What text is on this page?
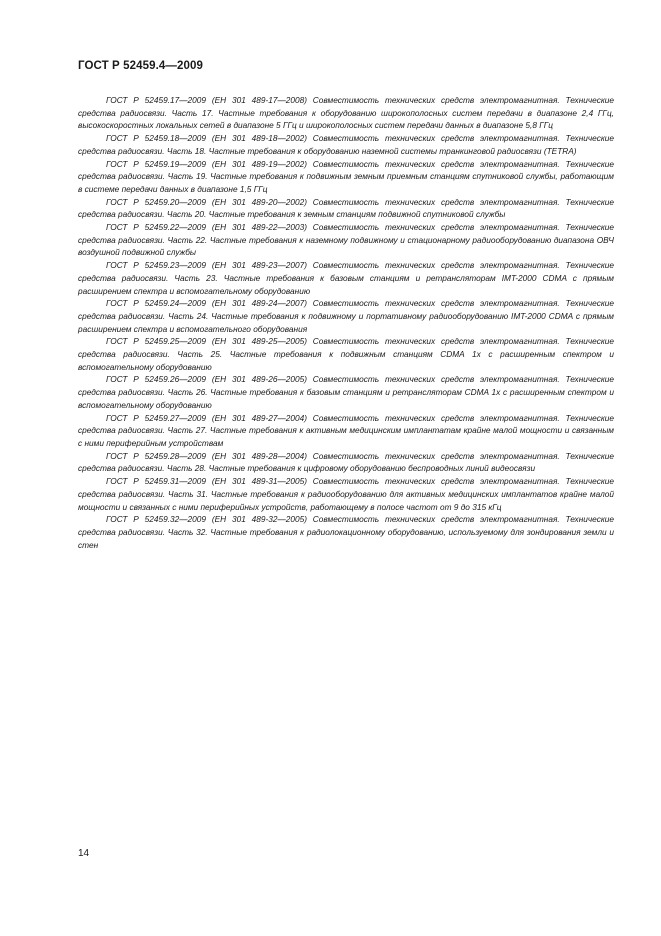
ГОСТ Р 52459.4—2009

ГОСТ Р 52459.17—2009 (ЕН 301 489-17—2008) Совместимость технических средств электромагнитная. Технические средства радиосвязи. Часть 17. Частные требования к оборудованию широкополосных систем передачи в диапазоне 2,4 ГГц, высокоскоростных локальных сетей в диапазоне 5 ГГц и широкополосных систем передачи данных в диапазоне 5,8 ГГц

ГОСТ Р 52459.18—2009 (ЕН 301 489-18—2002) Совместимость технических средств электромагнитная. Технические средства радиосвязи. Часть 18. Частные требования к оборудованию наземной системы транкинговой радиосвязи (TETRA)

ГОСТ Р 52459.19—2009 (ЕН 301 489-19—2002) Совместимость технических средств электромагнитная. Технические средства радиосвязи. Часть 19. Частные требования к подвижным земным приемным станциям спутниковой службы, работающим в системе передачи данных в диапазоне 1,5 ГГц

ГОСТ Р 52459.20—2009 (ЕН 301 489-20—2002) Совместимость технических средств электромагнитная. Технические средства радиосвязи. Часть 20. Частные требования к земным станциям подвижной спутниковой службы

ГОСТ Р 52459.22—2009 (ЕН 301 489-22—2003) Совместимость технических средств электромагнитная. Технические средства радиосвязи. Часть 22. Частные требования к наземному подвижному и стационарному радиооборудованию диапазона ОВЧ воздушной подвижной службы

ГОСТ Р 52459.23—2009 (ЕН 301 489-23—2007) Совместимость технических средств электромагнитная. Технические средства радиосвязи. Часть 23. Частные требования к базовым станциям и ретрансляторам IMT-2000 CDMA с прямым расширением спектра и вспомогательному оборудованию

ГОСТ Р 52459.24—2009 (ЕН 301 489-24—2007) Совместимость технических средств электромагнитная. Технические средства радиосвязи. Часть 24. Частные требования к подвижному и портативному радиооборудованию IMT-2000 CDMA с прямым расширением спектра и вспомогательного оборудования

ГОСТ Р 52459.25—2009 (ЕН 301 489-25—2005) Совместимость технических средств электромагнитная. Технические средства радиосвязи. Часть 25. Частные требования к подвижным станциям CDMA 1x с расширенным спектром и вспомогательному оборудованию

ГОСТ Р 52459.26—2009 (ЕН 301 489-26—2005) Совместимость технических средств электромагнитная. Технические средства радиосвязи. Часть 26. Частные требования к базовым станциям и ретрансляторам CDMA 1x с расширенным спектром и вспомогательному оборудованию

ГОСТ Р 52459.27—2009 (ЕН 301 489-27—2004) Совместимость технических средств электромагнитная. Технические средства радиосвязи. Часть 27. Частные требования к активным медицинским имплантатам крайне малой мощности и связанным с ними периферийным устройствам

ГОСТ Р 52459.28—2009 (ЕН 301 489-28—2004) Совместимость технических средств электромагнитная. Технические средства радиосвязи. Часть 28. Частные требования к цифровому оборудованию беспроводных линий видеосвязи

ГОСТ Р 52459.31—2009 (ЕН 301 489-31—2005) Совместимость технических средств электромагнитная. Технические средства радиосвязи. Часть 31. Частные требования к радиооборудованию для активных медицинских имплантатов крайне малой мощности и связанных с ними периферийных устройств, работающему в полосе частот от 9 до 315 кГц

ГОСТ Р 52459.32—2009 (ЕН 301 489-32—2005) Совместимость технических средств электромагнитная. Технические средства радиосвязи. Часть 32. Частные требования к радиолокационному оборудованию, используемому для зондирования земли и стен

14
